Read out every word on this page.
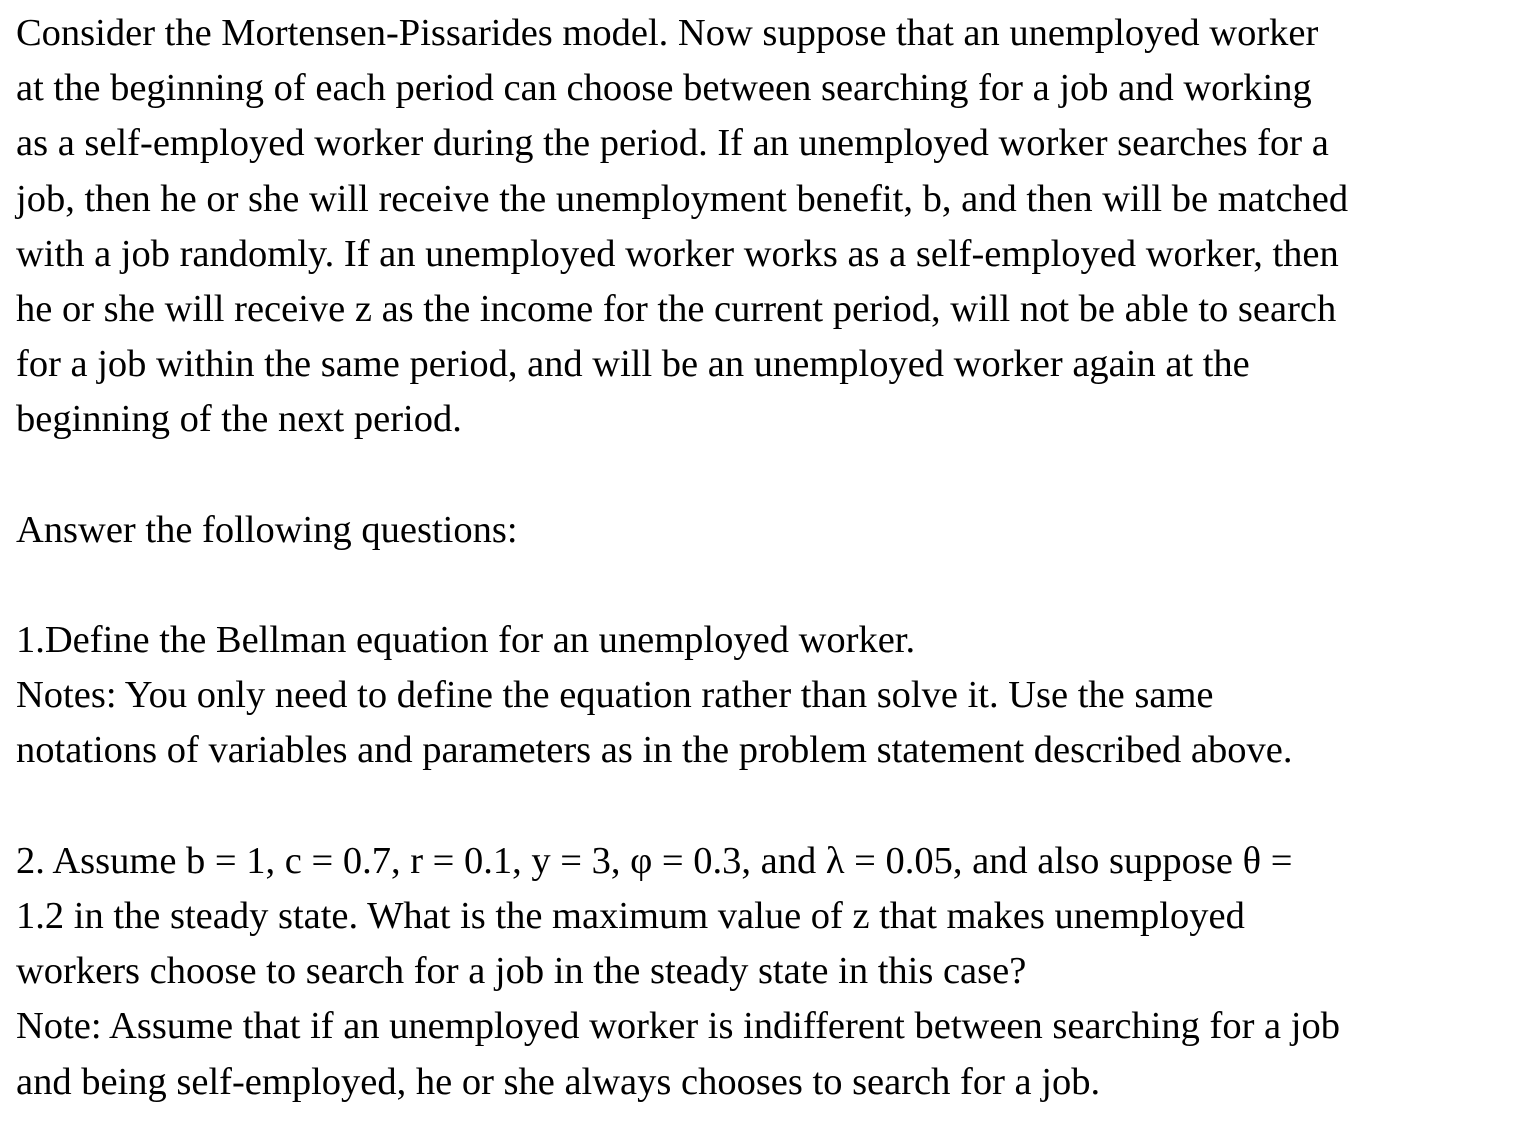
Consider the Mortensen-Pissarides model. Now suppose that an unemployed worker
at the beginning of each period can choose between searching for a job and working
as a self-employed worker during the period. If an unemployed worker searches for a
job, then he or she will receive the unemployment benefit, b, and then will be matched
with a job randomly. If an unemployed worker works as a self-employed worker, then
he or she will receive z as the income for the current period, will not be able to search
for a job within the same period, and will be an unemployed worker again at the
beginning of the next period.
Answer the following questions:
1.Define the Bellman equation for an unemployed worker.
Notes: You only need to define the equation rather than solve it. Use the same
notations of variables and parameters as in the problem statement described above.
2. Assume b = 1, c = 0.7, r = 0.1, y = 3, φ = 0.3, and λ = 0.05, and also suppose θ =
1.2 in the steady state. What is the maximum value of z that makes unemployed
workers choose to search for a job in the steady state in this case?
Note: Assume that if an unemployed worker is indifferent between searching for a job
and being self-employed, he or she always chooses to search for a job.
